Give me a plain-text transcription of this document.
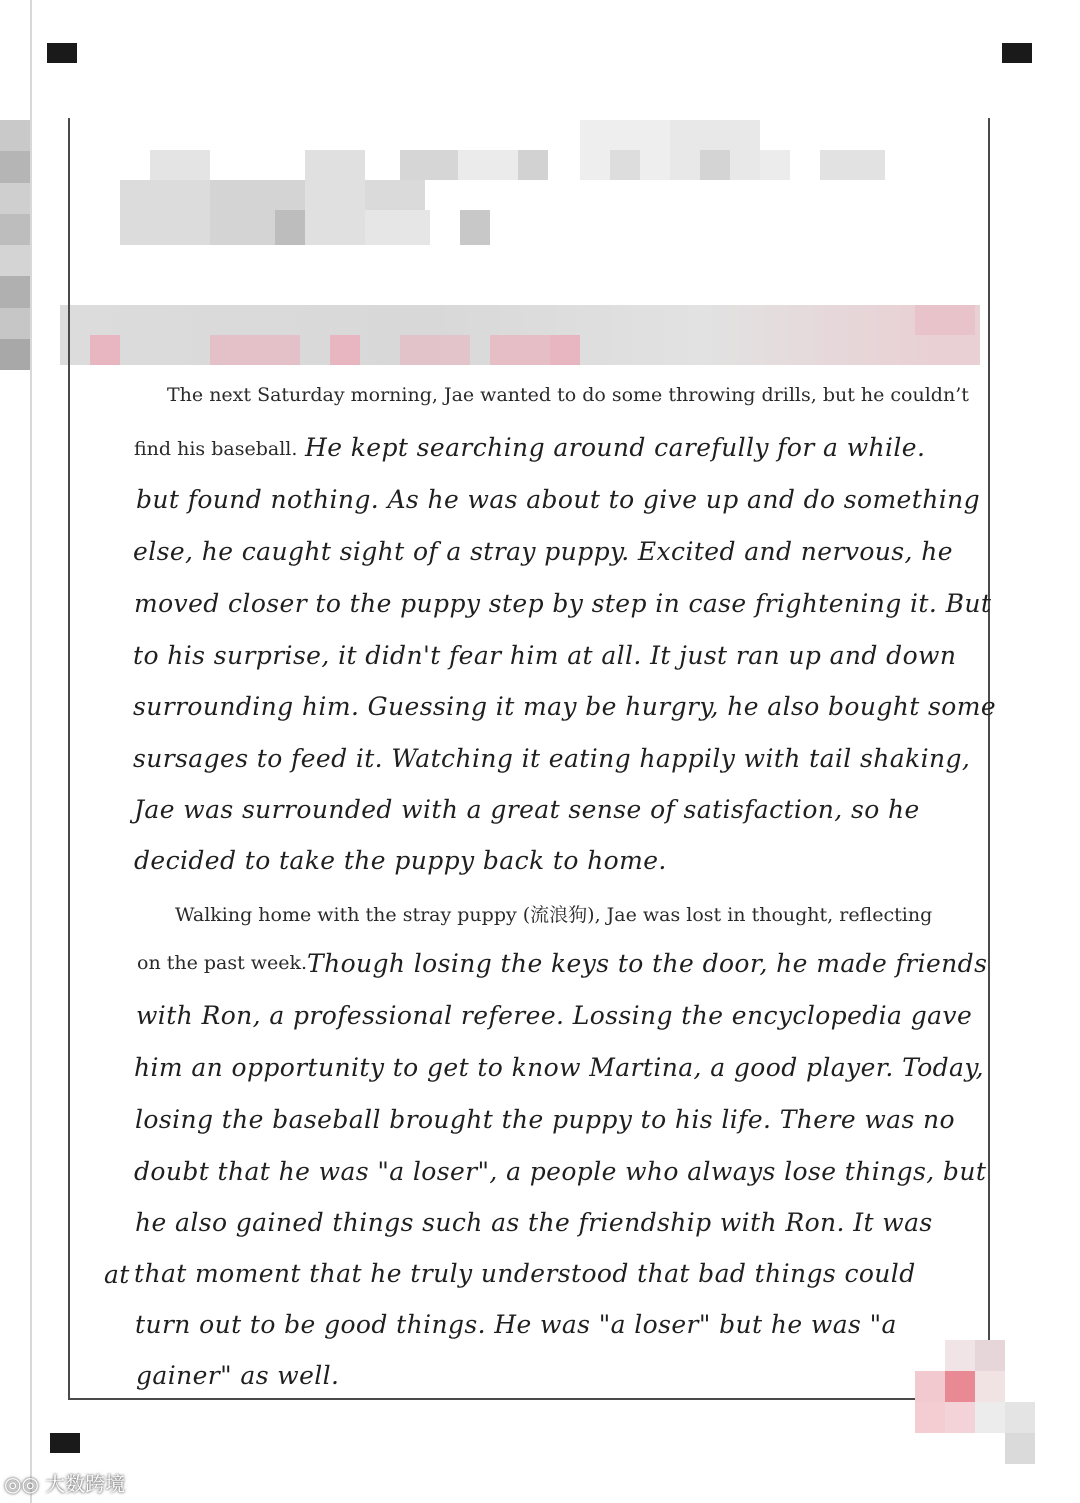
The next Saturday morning, Jae wanted to do some throwing drills, but he couldn’t
find his baseball. He kept searching around carefully for a while.
but found nothing. As he was about to give up and do something
else, he caught sight of a stray puppy. Excited and nervous, he
moved closer to the puppy step by step in case frightening it. But
to his surprise, it didn't fear him at all. It just ran up and down
surrounding him. Guessing it may be hurgry, he also bought some
sursages to feed it. Watching it eating happily with tail shaking,
Jae was surrounded with a great sense of satisfaction, so he
decided to take the puppy back to home.
Walking home with the stray puppy (流浪狗), Jae was lost in thought, reflecting
on the past week. Though losing the keys to the door, he made friends
with Ron, a professional referee. Lossing the encyclopedia gave
him an opportunity to get to know Martina, a good player. Today,
losing the baseball brought the puppy to his life. There was no
doubt that he was "a loser", a people who always lose things, but
he also gained things such as the friendship with Ron. It was
at that moment that he truly understood that bad things could
turn out to be good things. He was "a loser" but he was "a
gainer" as well.
◎◎ 大数跨境
